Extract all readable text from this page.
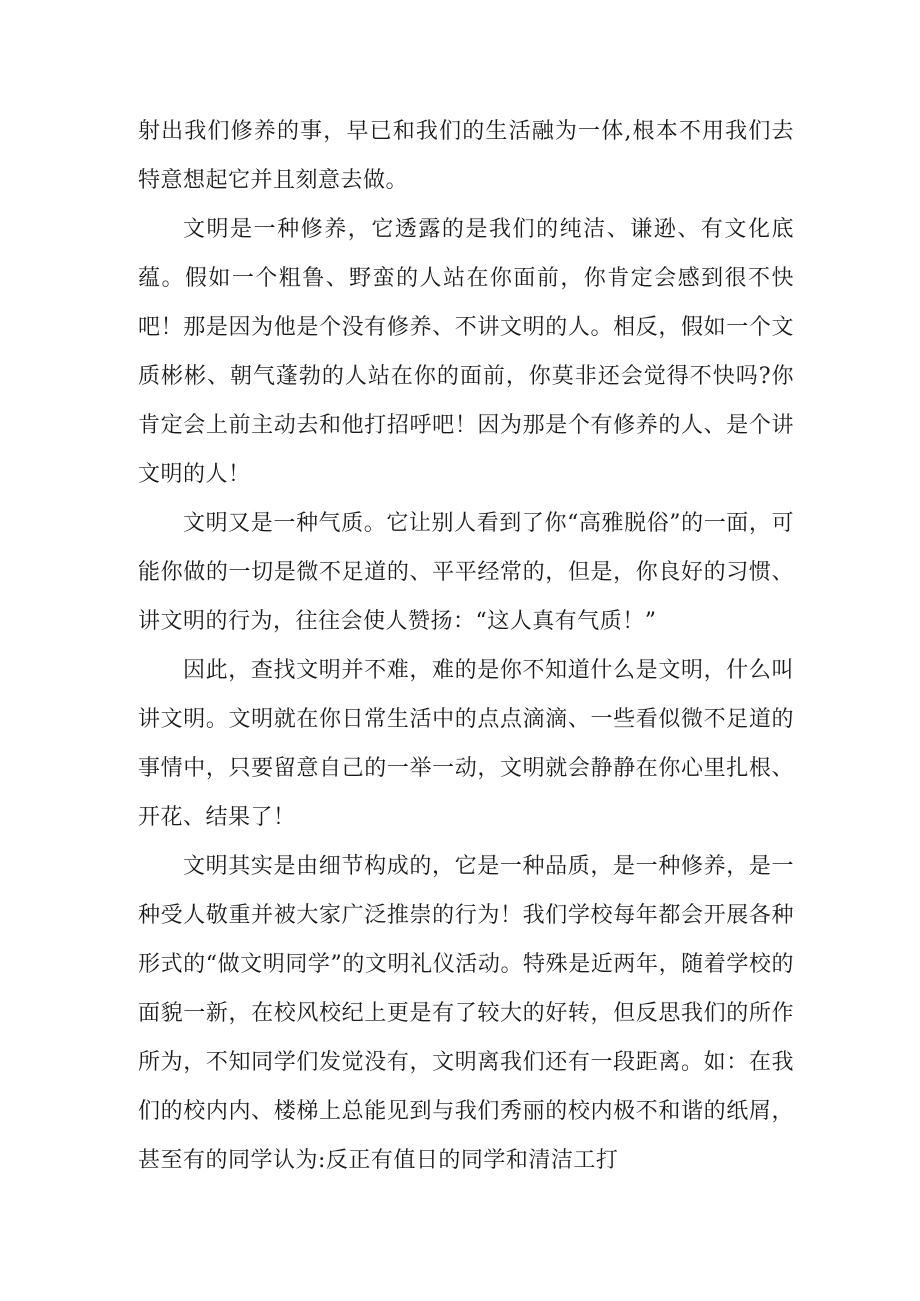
射出我们修养的事，早已和我们的生活融为一体,根本不用我们去特意想起它并且刻意去做。

文明是一种修养，它透露的是我们的纯洁、谦逊、有文化底蕴。假如一个粗鲁、野蛮的人站在你面前，你肯定会感到很不快吧！那是因为他是个没有修养、不讲文明的人。相反，假如一个文质彬彬、朝气蓬勃的人站在你的面前，你莫非还会觉得不快吗?你肯定会上前主动去和他打招呼吧！因为那是个有修养的人、是个讲文明的人！

文明又是一种气质。它让别人看到了你“高雅脱俗”的一面，可能你做的一切是微不足道的、平平经常的，但是，你良好的习惯、讲文明的行为，往往会使人赞扬：“这人真有气质！”

因此，查找文明并不难，难的是你不知道什么是文明，什么叫讲文明。文明就在你日常生活中的点点滴滴、一些看似微不足道的事情中，只要留意自己的一举一动，文明就会静静在你心里扎根、开花、结果了！

文明其实是由细节构成的，它是一种品质，是一种修养，是一种受人敬重并被大家广泛推崇的行为！我们学校每年都会开展各种形式的“做文明同学”的文明礼仪活动。特殊是近两年，随着学校的面貌一新，在校风校纪上更是有了较大的好转，但反思我们的所作所为，不知同学们发觉没有，文明离我们还有一段距离。如：在我们的校内内、楼梯上总能见到与我们秀丽的校内极不和谐的纸屑，甚至有的同学认为:反正有值日的同学和清洁工打
